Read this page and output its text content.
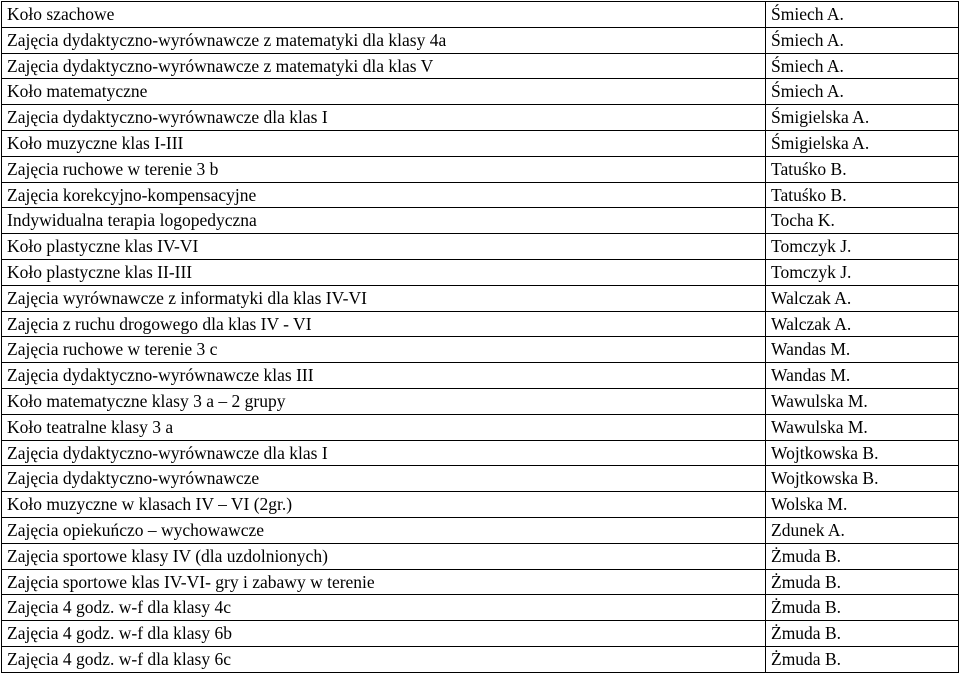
Koło szachowe	Śmiech A.
Zajęcia dydaktyczno-wyrównawcze z matematyki dla klasy 4a	Śmiech A.
Zajęcia dydaktyczno-wyrównawcze z matematyki dla klas V	Śmiech A.
Koło matematyczne	Śmiech A.
Zajęcia dydaktyczno-wyrównawcze dla klas I	Śmigielska A.
Koło muzyczne klas I-III	Śmigielska A.
Zajęcia ruchowe w terenie 3 b	Tatuśko B.
Zajęcia korekcyjno-kompensacyjne	Tatuśko B.
Indywidualna terapia logopedyczna	Tocha K.
Koło plastyczne klas IV-VI	Tomczyk J.
Koło plastyczne klas II-III	Tomczyk J.
Zajęcia wyrównawcze z informatyki dla klas IV-VI	Walczak A.
Zajęcia z ruchu drogowego dla klas IV - VI	Walczak A.
Zajęcia ruchowe w terenie 3 c	Wandas M.
Zajęcia dydaktyczno-wyrównawcze klas III	Wandas M.
Koło matematyczne klasy 3 a – 2 grupy	Wawulska M.
Koło teatralne klasy 3 a	Wawulska M.
Zajęcia dydaktyczno-wyrównawcze dla klas I	Wojtkowska B.
Zajęcia dydaktyczno-wyrównawcze	Wojtkowska B.
Koło muzyczne w klasach IV – VI (2gr.)	Wolska M.
Zajęcia opiekuńczo – wychowawcze	Zdunek A.
Zajęcia sportowe klasy IV (dla uzdolnionych)	Żmuda B.
Zajęcia sportowe klas IV-VI- gry i zabawy w terenie	Żmuda B.
Zajęcia 4 godz. w-f dla klasy 4c	Żmuda B.
Zajęcia 4 godz. w-f dla klasy 6b	Żmuda B.
Zajęcia 4 godz. w-f dla klasy 6c	Żmuda B.
